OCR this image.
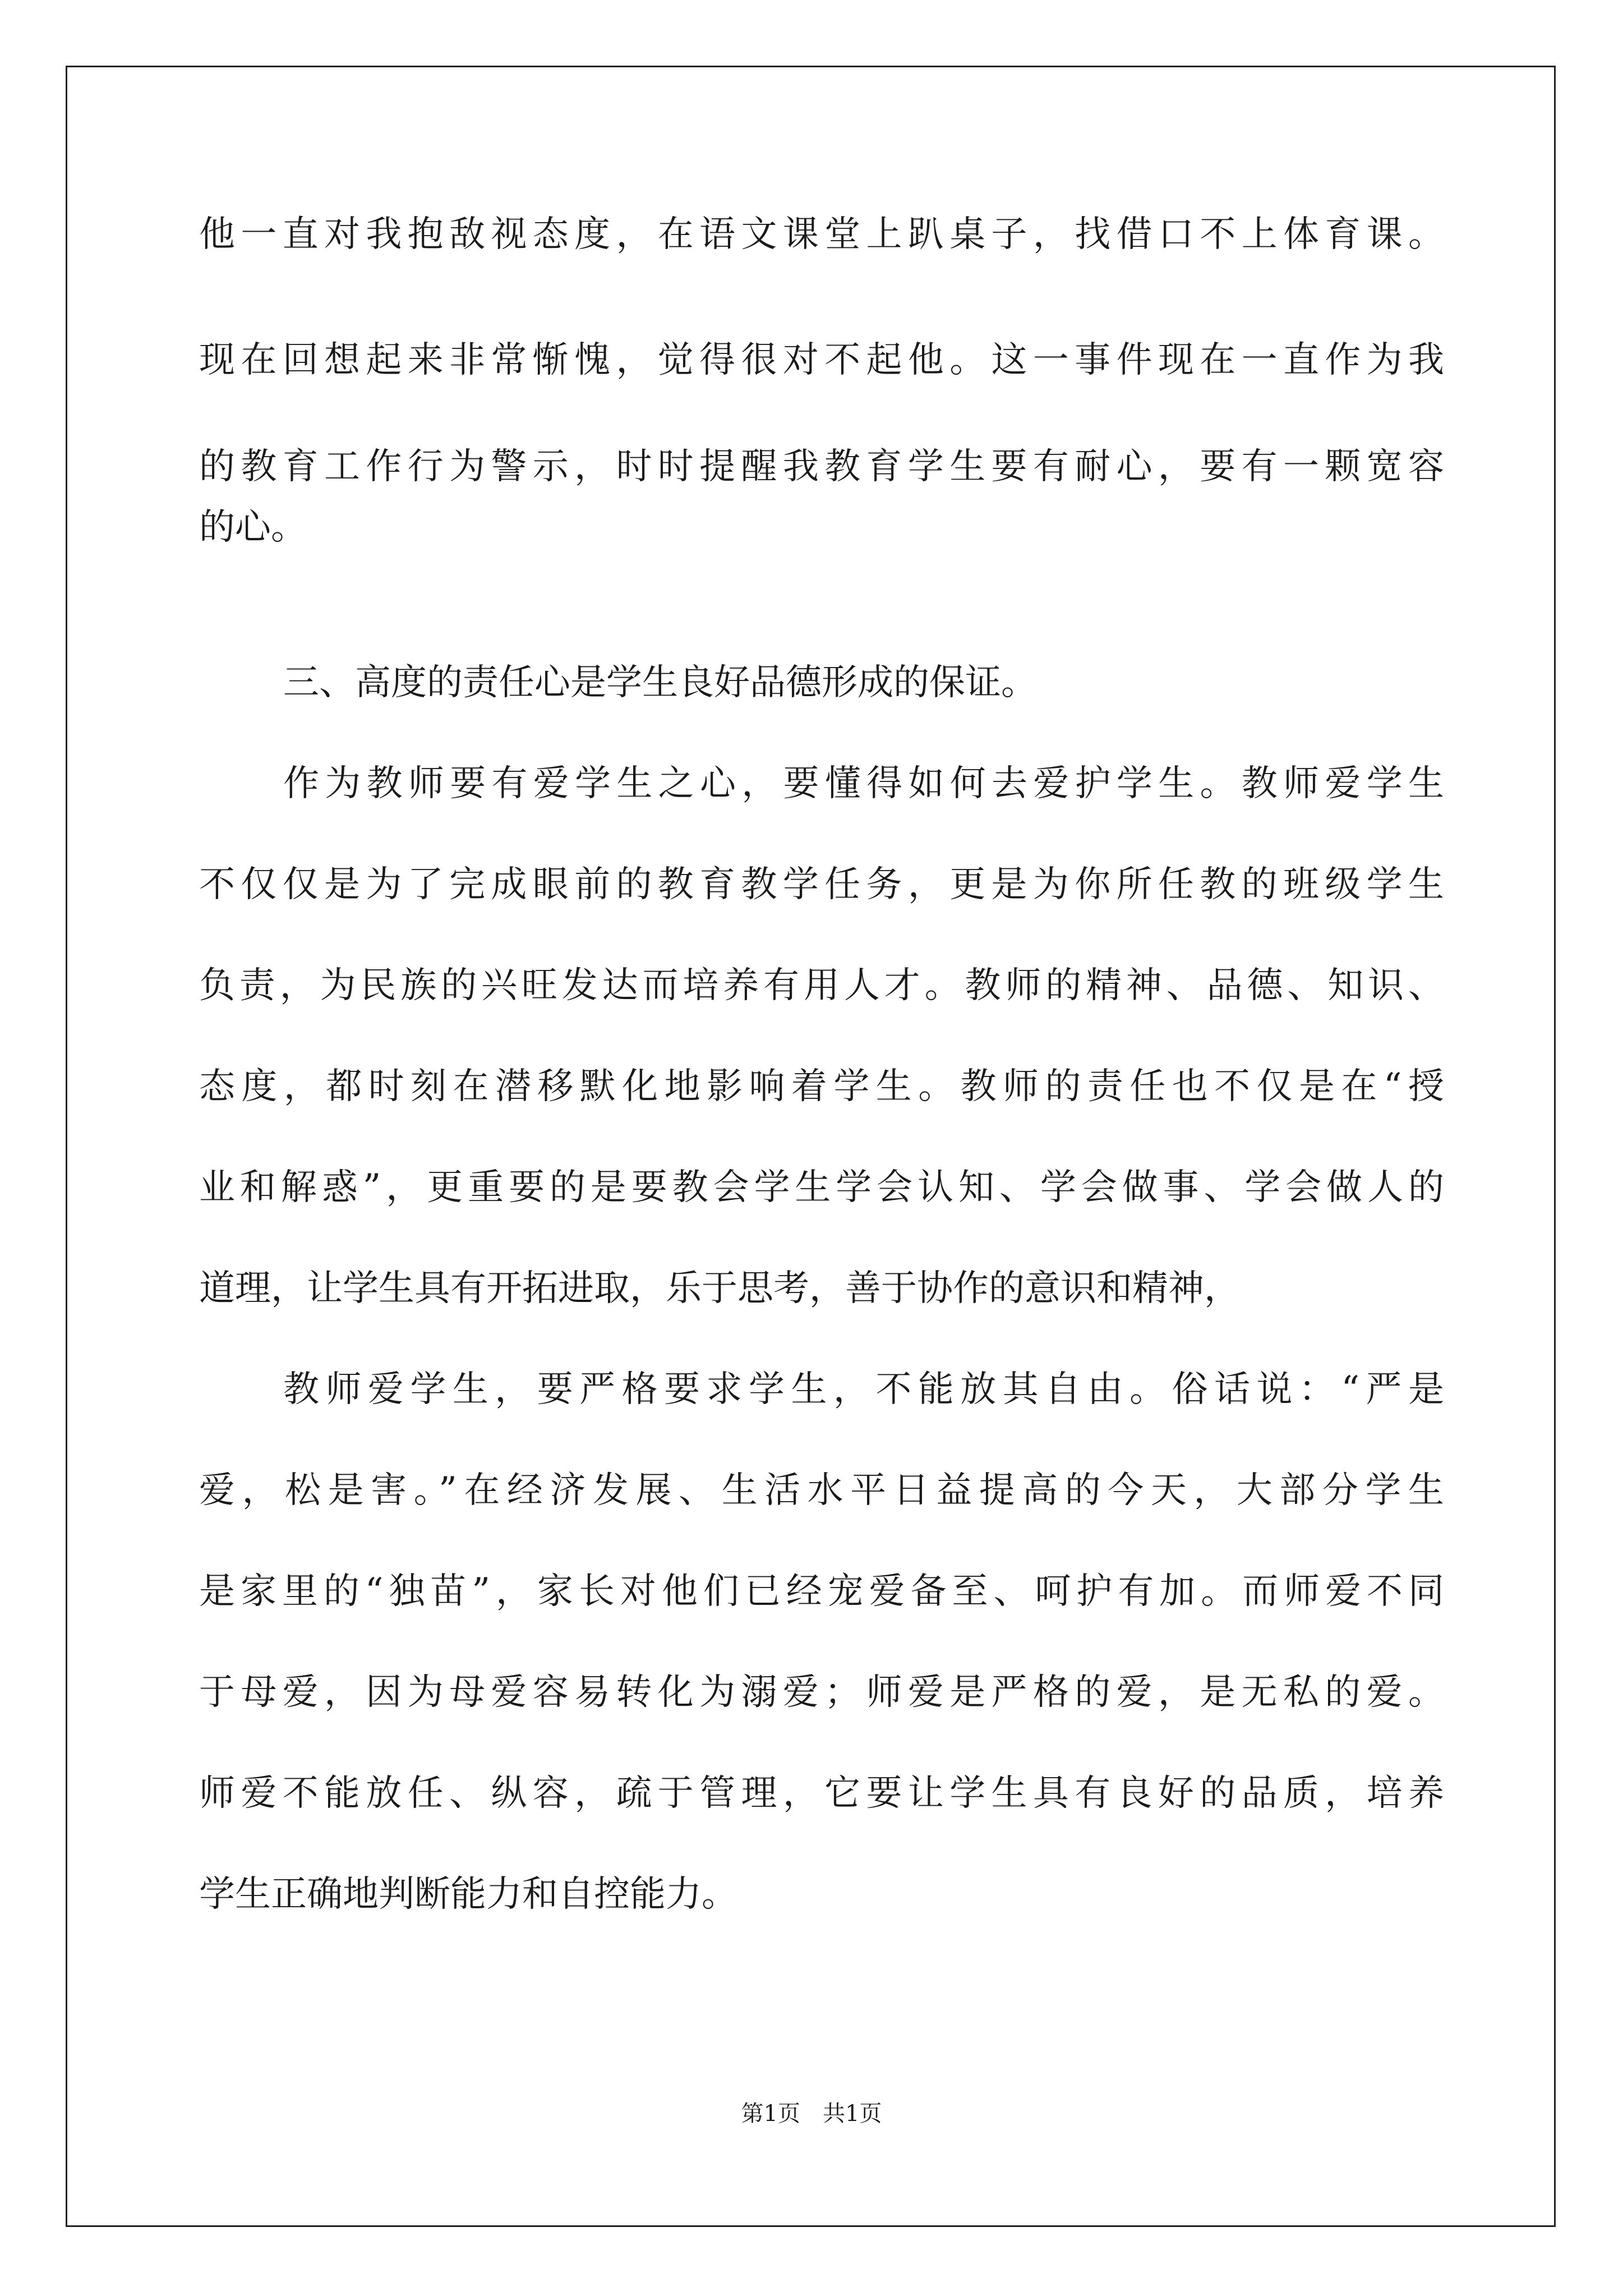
他一直对我抱敌视态度，在语文课堂上趴桌子，找借口不上体育课。
现在回想起来非常惭愧，觉得很对不起他。这一事件现在一直作为我
的教育工作行为警示，时时提醒我教育学生要有耐心，要有一颗宽容
的心。
三、高度的责任心是学生良好品德形成的保证。
作为教师要有爱学生之心，要懂得如何去爱护学生。教师爱学生
不仅仅是为了完成眼前的教育教学任务，更是为你所任教的班级学生
负责，为民族的兴旺发达而培养有用人才。教师的精神、品德、知识、
态度，都时刻在潜移默化地影响着学生。教师的责任也不仅是在“授
业和解惑”，更重要的是要教会学生学会认知、学会做事、学会做人的
道理，让学生具有开拓进取，乐于思考，善于协作的意识和精神，
教师爱学生，要严格要求学生，不能放其自由。俗话说：“严是
爱，松是害。”在经济发展、生活水平日益提高的今天，大部分学生
是家里的“独苗”，家长对他们已经宠爱备至、呵护有加。而师爱不同
于母爱，因为母爱容易转化为溺爱；师爱是严格的爱，是无私的爱。
师爱不能放任、纵容，疏于管理，它要让学生具有良好的品质，培养
学生正确地判断能力和自控能力。
第1页　共1页
